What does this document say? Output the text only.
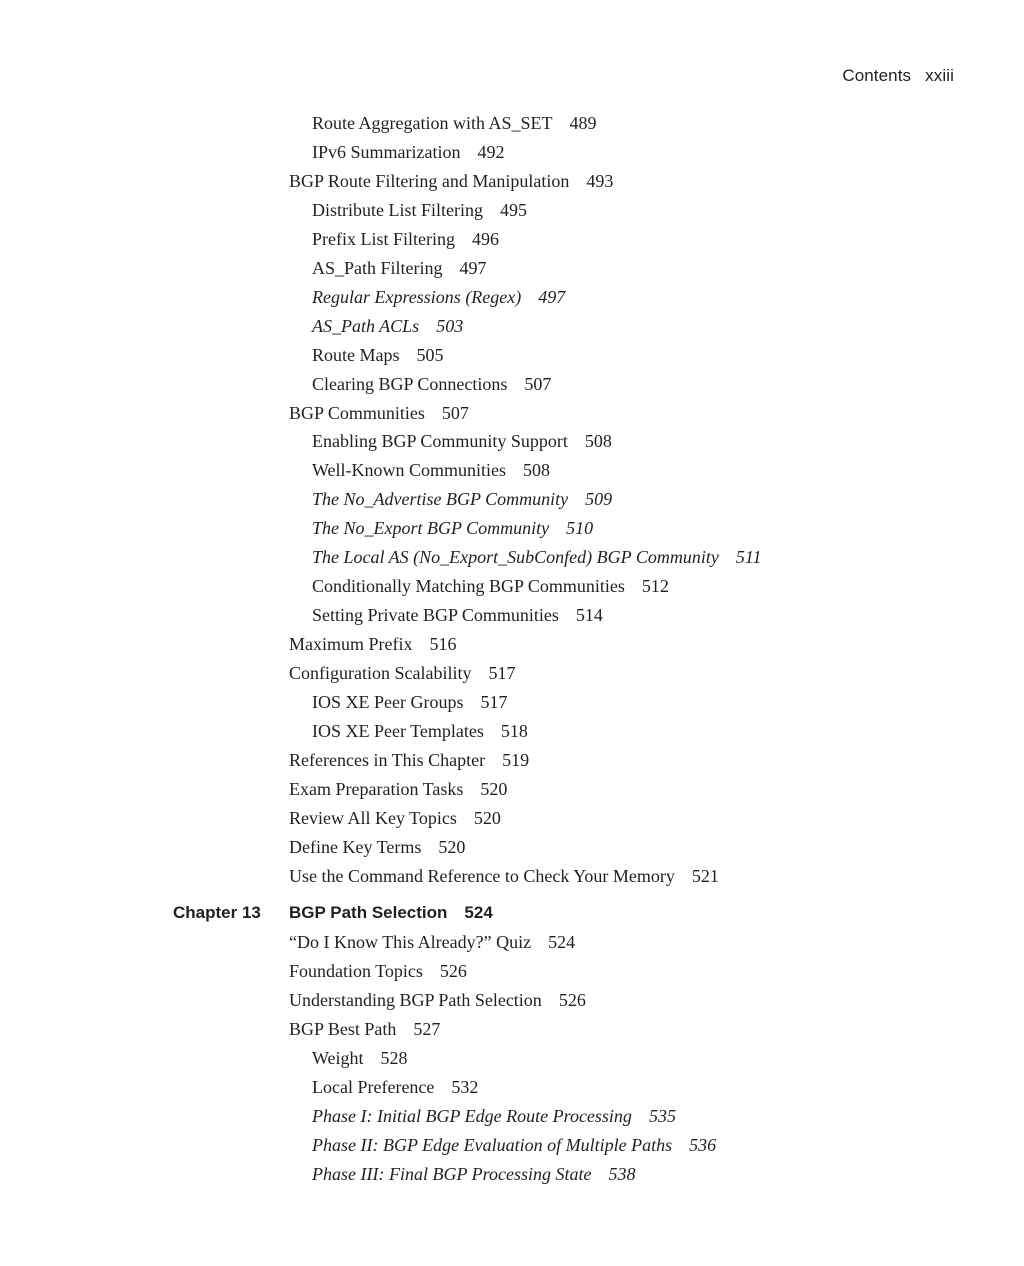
Contents xxiii
Route Aggregation with AS_SET 489
IPv6 Summarization 492
BGP Route Filtering and Manipulation 493
Distribute List Filtering 495
Prefix List Filtering 496
AS_Path Filtering 497
Regular Expressions (Regex) 497
AS_Path ACLs 503
Route Maps 505
Clearing BGP Connections 507
BGP Communities 507
Enabling BGP Community Support 508
Well-Known Communities 508
The No_Advertise BGP Community 509
The No_Export BGP Community 510
The Local AS (No_Export_SubConfed) BGP Community 511
Conditionally Matching BGP Communities 512
Setting Private BGP Communities 514
Maximum Prefix 516
Configuration Scalability 517
IOS XE Peer Groups 517
IOS XE Peer Templates 518
References in This Chapter 519
Exam Preparation Tasks 520
Review All Key Topics 520
Define Key Terms 520
Use the Command Reference to Check Your Memory 521
Chapter 13 BGP Path Selection 524
“Do I Know This Already?” Quiz 524
Foundation Topics 526
Understanding BGP Path Selection 526
BGP Best Path 527
Weight 528
Local Preference 532
Phase I: Initial BGP Edge Route Processing 535
Phase II: BGP Edge Evaluation of Multiple Paths 536
Phase III: Final BGP Processing State 538
